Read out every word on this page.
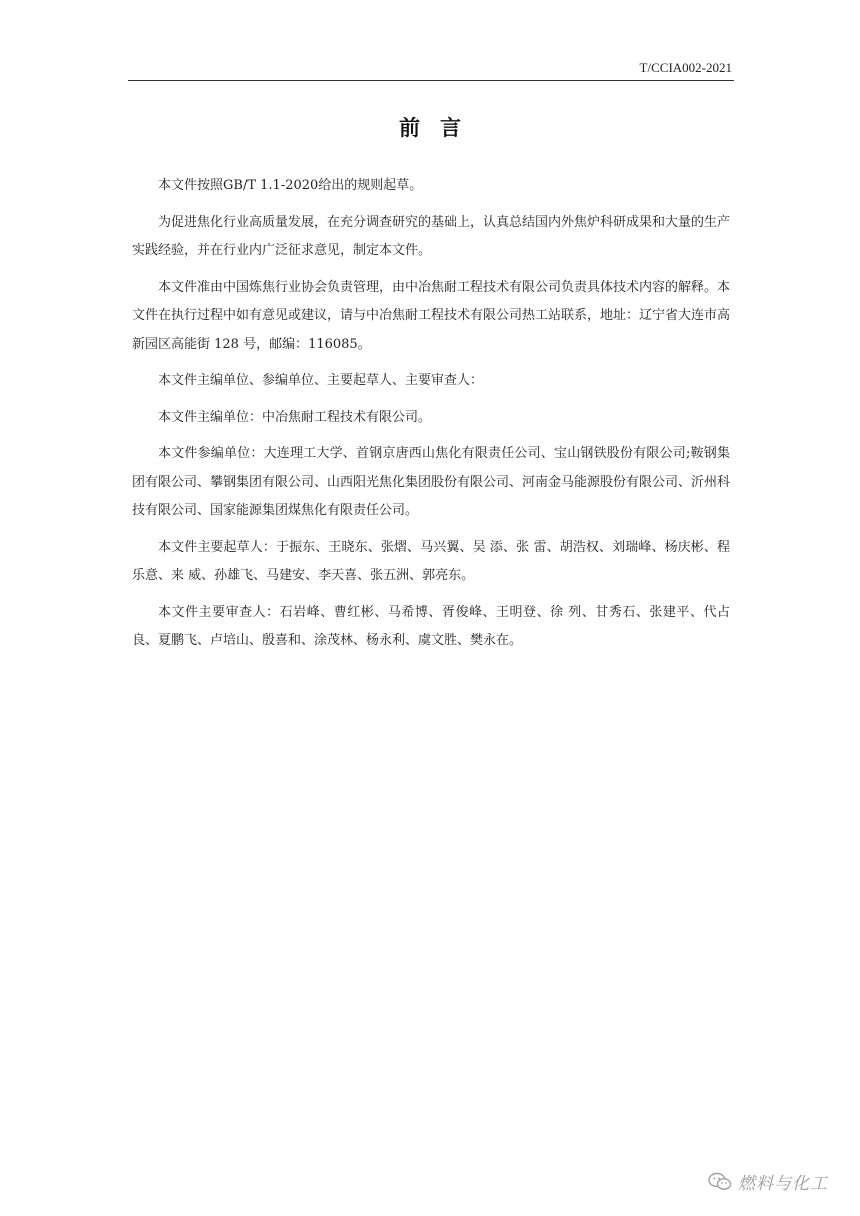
T/CCIA002-2021
前言

本文件按照GB/T 1.1-2020给出的规则起草。

为促进焦化行业高质量发展，在充分调查研究的基础上，认真总结国内外焦炉科研成果和大量的生产实践经验，并在行业内广泛征求意见，制定本文件。

本文件准由中国炼焦行业协会负责管理，由中冶焦耐工程技术有限公司负责具体技术内容的解释。本文件在执行过程中如有意见或建议，请与中冶焦耐工程技术有限公司热工站联系，地址：辽宁省大连市高新园区高能街 128 号，邮编：116085。

本文件主编单位、参编单位、主要起草人、主要审查人：

本文件主编单位：中冶焦耐工程技术有限公司。

本文件参编单位：大连理工大学、首钢京唐西山焦化有限责任公司、宝山钢铁股份有限公司;鞍钢集团有限公司、攀钢集团有限公司、山西阳光焦化集团股份有限公司、河南金马能源股份有限公司、沂州科技有限公司、国家能源集团煤焦化有限责任公司。

本文件主要起草人：于振东、王晓东、张熠、马兴翼、吴 添、张 雷、胡浩权、刘瑞峰、杨庆彬、程乐意、来 威、孙雄飞、马建安、李天喜、张五洲、郭亮东。

本文件主要审查人：石岩峰、曹红彬、马希博、胥俊峰、王明登、徐 列、甘秀石、张建平、代占良、夏鹏飞、卢培山、殷喜和、涂茂林、杨永利、虞文胜、樊永在。

燃料与化工
